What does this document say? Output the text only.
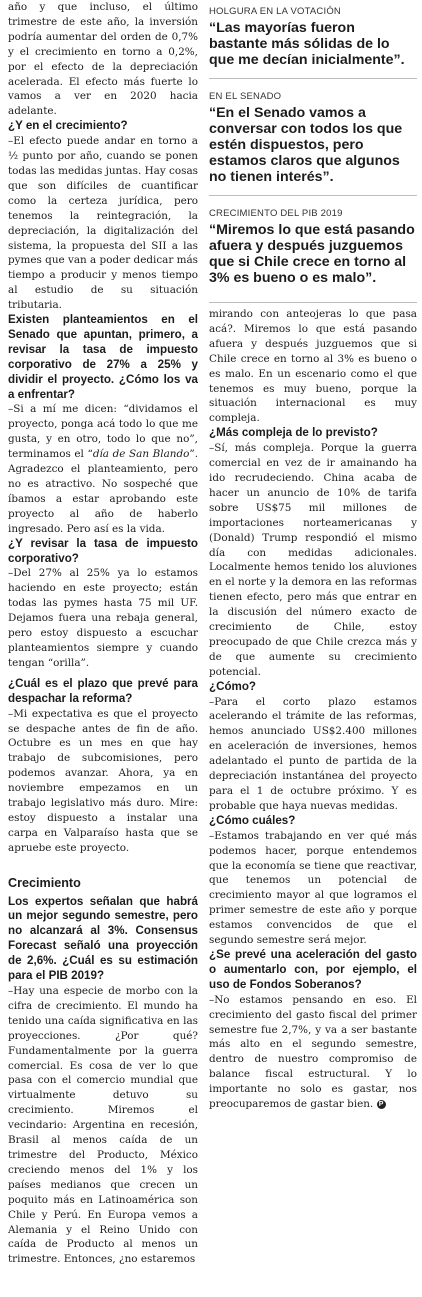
año y que incluso, el último trimestre de este año, la inversión podría aumentar del orden de 0,7% y el crecimiento en torno a 0,2%, por el efecto de la depreciación acelerada. El efecto más fuerte lo vamos a ver en 2020 hacia adelante.

¿Y en el crecimiento?

–El efecto puede andar en torno a ½ punto por año, cuando se ponen todas las medidas juntas. Hay cosas que son difíciles de cuantificar como la certeza jurídica, pero tenemos la reintegración, la depreciación, la digitalización del sistema, la propuesta del SII a las pymes que van a poder dedicar más tiempo a producir y menos tiempo al estudio de su situación tributaria.

Existen planteamientos en el Senado que apuntan, primero, a revisar la tasa de impuesto corporativo de 27% a 25% y dividir el proyecto. ¿Cómo los va a enfrentar?

–Si a mí me dicen: “dividamos el proyecto, ponga acá todo lo que me gusta, y en otro, todo lo que no”, terminamos el “día de San Blando”. Agradezco el planteamiento, pero no es atractivo. No sospeché que íbamos a estar aprobando este proyecto al año de haberlo ingresado. Pero así es la vida.

¿Y revisar la tasa de impuesto corporativo?

–Del 27% al 25% ya lo estamos haciendo en este proyecto; están todas las pymes hasta 75 mil UF. Dejamos fuera una rebaja general, pero estoy dispuesto a escuchar planteamientos siempre y cuando tengan “orilla”.

¿Cuál es el plazo que prevé para despachar la reforma?

–Mi expectativa es que el proyecto se despache antes de fin de año. Octubre es un mes en que hay trabajo de subcomisiones, pero podemos avanzar. Ahora, ya en noviembre empezamos en un trabajo legislativo más duro. Mire: estoy dispuesto a instalar una carpa en Valparaíso hasta que se apruebe este proyecto.

Crecimiento

Los expertos señalan que habrá un mejor segundo semestre, pero no alcanzará al 3%. Consensus Forecast señaló una proyección de 2,6%. ¿Cuál es su estimación para el PIB 2019?

–Hay una especie de morbo con la cifra de crecimiento. El mundo ha tenido una caída significativa en las proyecciones. ¿Por qué? Fundamentalmente por la guerra comercial. Es cosa de ver lo que pasa con el comercio mundial que virtualmente detuvo su crecimiento. Miremos el vecindario: Argentina en recesión, Brasil al menos caída de un trimestre del Producto, México creciendo menos del 1% y los países medianos que crecen un poquito más en Latinoamérica son Chile y Perú. En Europa vemos a Alemania y el Reino Unido con caída de Producto al menos un trimestre. Entonces, ¿no estaremos

HOLGURA EN LA VOTACIÓN
“Las mayorías fueron bastante más sólidas de lo que me decían inicialmente”.
EN EL SENADO
“En el Senado vamos a conversar con todos los que estén dispuestos, pero estamos claros que algunos no tienen interés”.
CRECIMIENTO DEL PIB 2019
“Miremos lo que está pasando afuera y después juzguemos que si Chile crece en torno al 3% es bueno o es malo”.

mirando con anteojeras lo que pasa acá?. Miremos lo que está pasando afuera y después juzguemos que si Chile crece en torno al 3% es bueno o es malo. En un escenario como el que tenemos es muy bueno, porque la situación internacional es muy compleja.

¿Más compleja de lo previsto?

–Sí, más compleja. Porque la guerra comercial en vez de ir amainando ha ido recrudeciendo. China acaba de hacer un anuncio de 10% de tarifa sobre US$75 mil millones de importaciones norteamericanas y (Donald) Trump respondió el mismo día con medidas adicionales. Localmente hemos tenido los aluviones en el norte y la demora en las reformas tienen efecto, pero más que entrar en la discusión del número exacto de crecimiento de Chile, estoy preocupado de que Chile crezca más y de que aumente su crecimiento potencial.

¿Cómo?

–Para el corto plazo estamos acelerando el trámite de las reformas, hemos anunciado US$2.400 millones en aceleración de inversiones, hemos adelantado el punto de partida de la depreciación instantánea del proyecto para el 1 de octubre próximo. Y es probable que haya nuevas medidas.

¿Cómo cuáles?

–Estamos trabajando en ver qué más podemos hacer, porque entendemos que la economía se tiene que reactivar, que tenemos un potencial de crecimiento mayor al que logramos el primer semestre de este año y porque estamos convencidos de que el segundo semestre será mejor.

¿Se prevé una aceleración del gasto o aumentarlo con, por ejemplo, el uso de Fondos Soberanos?

–No estamos pensando en eso. El crecimiento del gasto fiscal del primer semestre fue 2,7%, y va a ser bastante más alto en el segundo semestre, dentro de nuestro compromiso de balance fiscal estructural. Y lo importante no solo es gastar, nos preocuparemos de gastar bien. P
